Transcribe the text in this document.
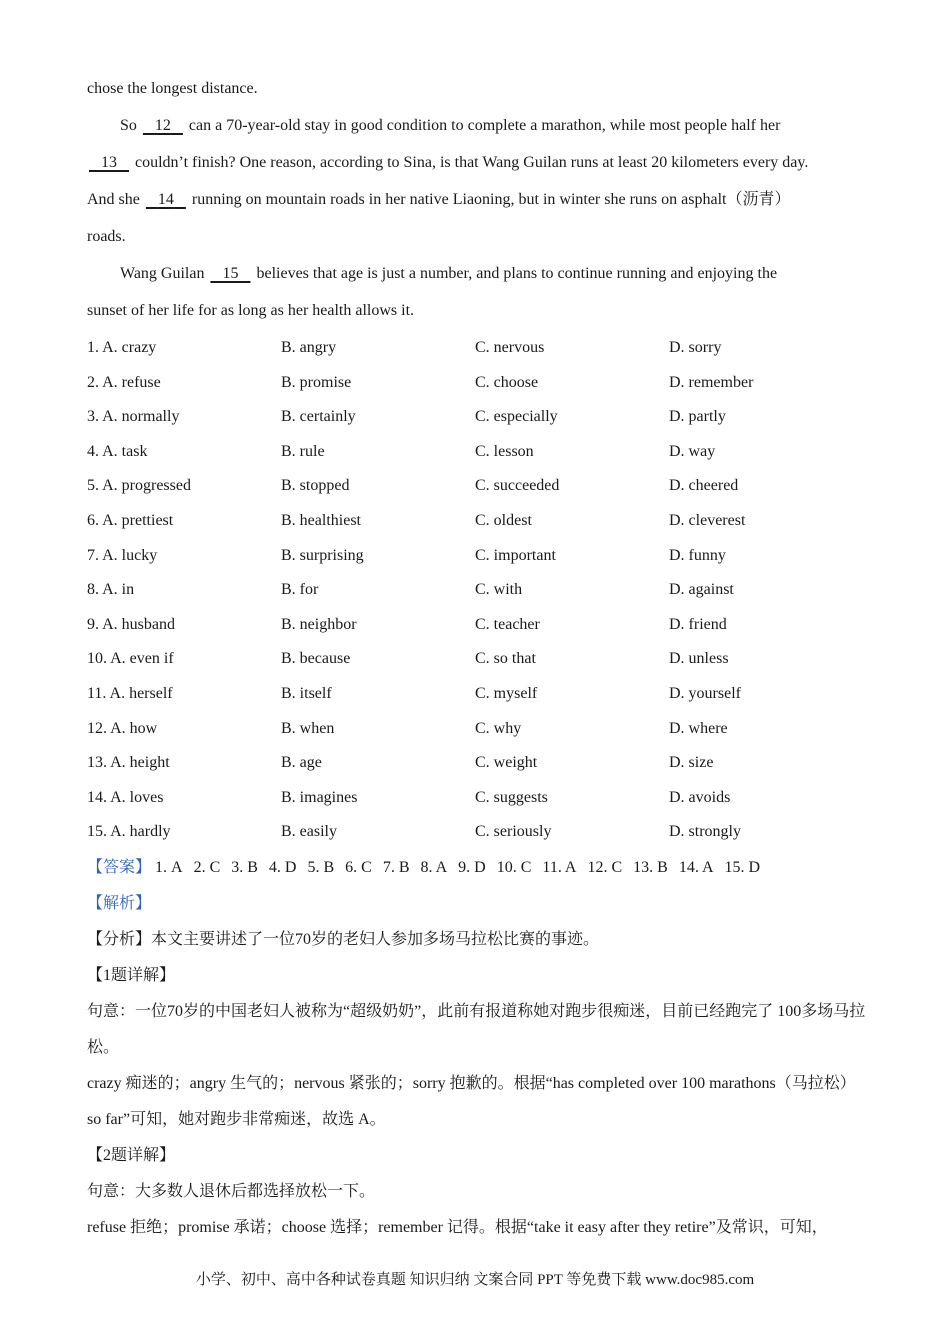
chose the longest distance.
So    12    can a 70-year-old stay in good condition to complete a marathon, while most people half her
13    couldn’t finish? One reason, according to Sina, is that Wang Guilan runs at least 20 kilometers every day.
And she    14    running on mountain roads in her native Liaoning, but in winter she runs on asphalt（沥青）
roads.
Wang Guilan    15    believes that age is just a number, and plans to continue running and enjoying the
sunset of her life for as long as her health allows it.
1. A. crazy	B. angry	C. nervous	D. sorry
2. A. refuse	B. promise	C. choose	D. remember
3. A. normally	B. certainly	C. especially	D. partly
4. A. task	B. rule	C. lesson	D. way
5. A. progressed	B. stopped	C. succeeded	D. cheered
6. A. prettiest	B. healthiest	C. oldest	D. cleverest
7. A. lucky	B. surprising	C. important	D. funny
8. A. in	B. for	C. with	D. against
9. A. husband	B. neighbor	C. teacher	D. friend
10. A. even if	B. because	C. so that	D. unless
11. A. herself	B. itself	C. myself	D. yourself
12. A. how	B. when	C. why	D. where
13. A. height	B. age	C. weight	D. size
14. A. loves	B. imagines	C. suggests	D. avoids
15. A. hardly	B. easily	C. seriously	D. strongly
【答案】 1. A 2. C 3. B 4. D 5. B 6. C 7. B 8. A 9. D 10. C 11. A 12. C 13. B 14. A 15. D
【解析】
【分析】本文主要讲述了一位70岁的老妇人参加多场马拉松比赛的事迹。
【1题详解】
句意：一位70岁的中国老妇人被称为“超级奶奶”，此前有报道称她对跑步很痴迷，目前已经跑完了 100多场马拉松。
crazy 痴迷的；angry 生气的；nervous 紧张的；sorry 抱歉的。根据“has completed over 100 marathons（马拉松）so far”可知，她对跑步非常痴迷，故选 A。
【2题详解】
句意：大多数人退休后都选择放松一下。
refuse 拒绝；promise 承诺；choose 选择；remember 记得。根据“take it easy after they retire”及常识，可知，
小学、初中、高中各种试卷真题 知识归纳 文案合同 PPT 等免费下载 www.doc985.com
